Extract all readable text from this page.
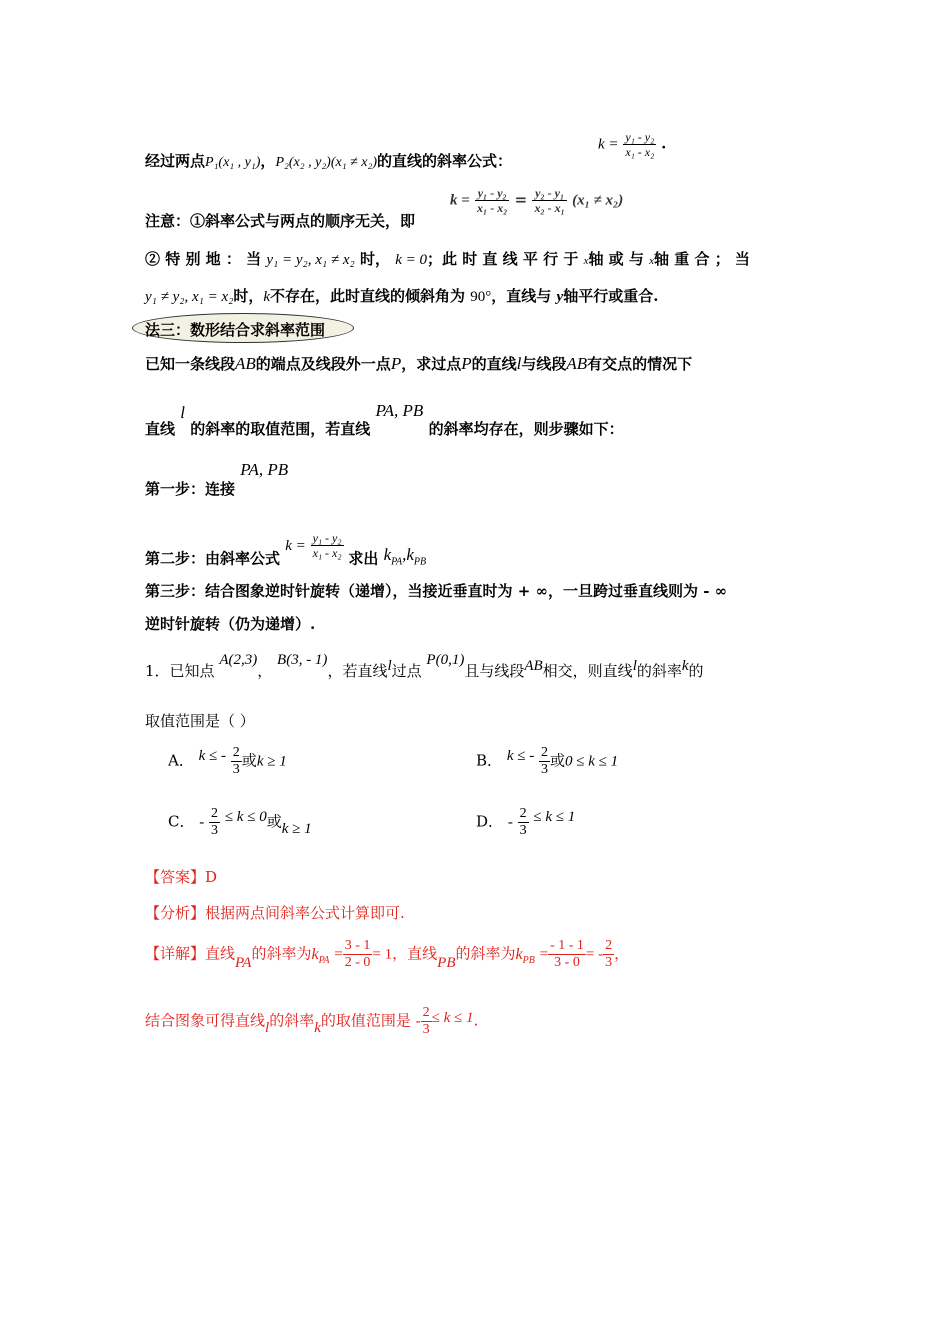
经过两点P₁(x₁ , y₁)，P₂(x₂ , y₂)(x₁ ≠ x₂)的直线的斜率公式：
$k = \frac{\text{y₁ - y₂}}{\text{x₁ - x₂}}$ .
注意：①斜率公式与两点的顺序无关，即
$k = \frac{\text{y₁ - y₂}}{\text{x₁ - x₂}} = \frac{\text{y₂ - y₁}}{\text{x₂ - x₁}} (x_1 \ne x_2)$
② 特 别 地 ： 当 y₁ = y₂, x₁ ≠ x₂ 时， k = 0；此 时 直 线 平 行 于 x轴 或 与 x轴 重 合 ； 当
y₁ ≠ y₂, x₁ = x₂时，k不存在，此时直线的倾斜角为 90°，直线与 y轴平行或重合.
法三：数形结合求斜率范围
已知一条线段AB的端点及线段外一点P，求过点P的直线l与线段AB有交点的情况下
直线 l 的斜率的取值范围，若直线 PA, PB 的斜率均存在，则步骤如下：
第一步：连接 PA, PB
第二步：由斜率公式 $k = \frac{\text{y₁ - y₂}}{\text{x₁ - x₂}}$ 求出 $k_{PA},k_{PB}$
第三步：结合图象逆时针旋转（递增），当接近垂直时为 + ∞，一旦跨过垂直线则为 - ∞
逆时针旋转（仍为递增）.
1．已知点 A(2,3)， B(3, - 1)，若直线l过点 P(0,1)且与线段AB相交，则直线l的斜率k的
取值范围是（ ）
A． k ≤ - $\frac{2}{3}$ 或k ≥ 1	B． k ≤ - $\frac{2}{3}$ 或0 ≤ k ≤ 1
C． - $\frac{2}{3} \le k \le 0$或k ≥ 1	D． - $\frac{2}{3} \le k \le 1$
【答案】D
【分析】根据两点间斜率公式计算即可.
【详解】直线PA的斜率为$k_{PA} = \frac{3 - 1}{2 - 0} = 1$，直线PB的斜率为$k_{PB} = \frac{- 1 - 1}{3 - 0}$ = - $\frac{2}{3}$ ，
结合图象可得直线l的斜率k的取值范围是 - $\frac{2}{3} \le k \le 1$.
